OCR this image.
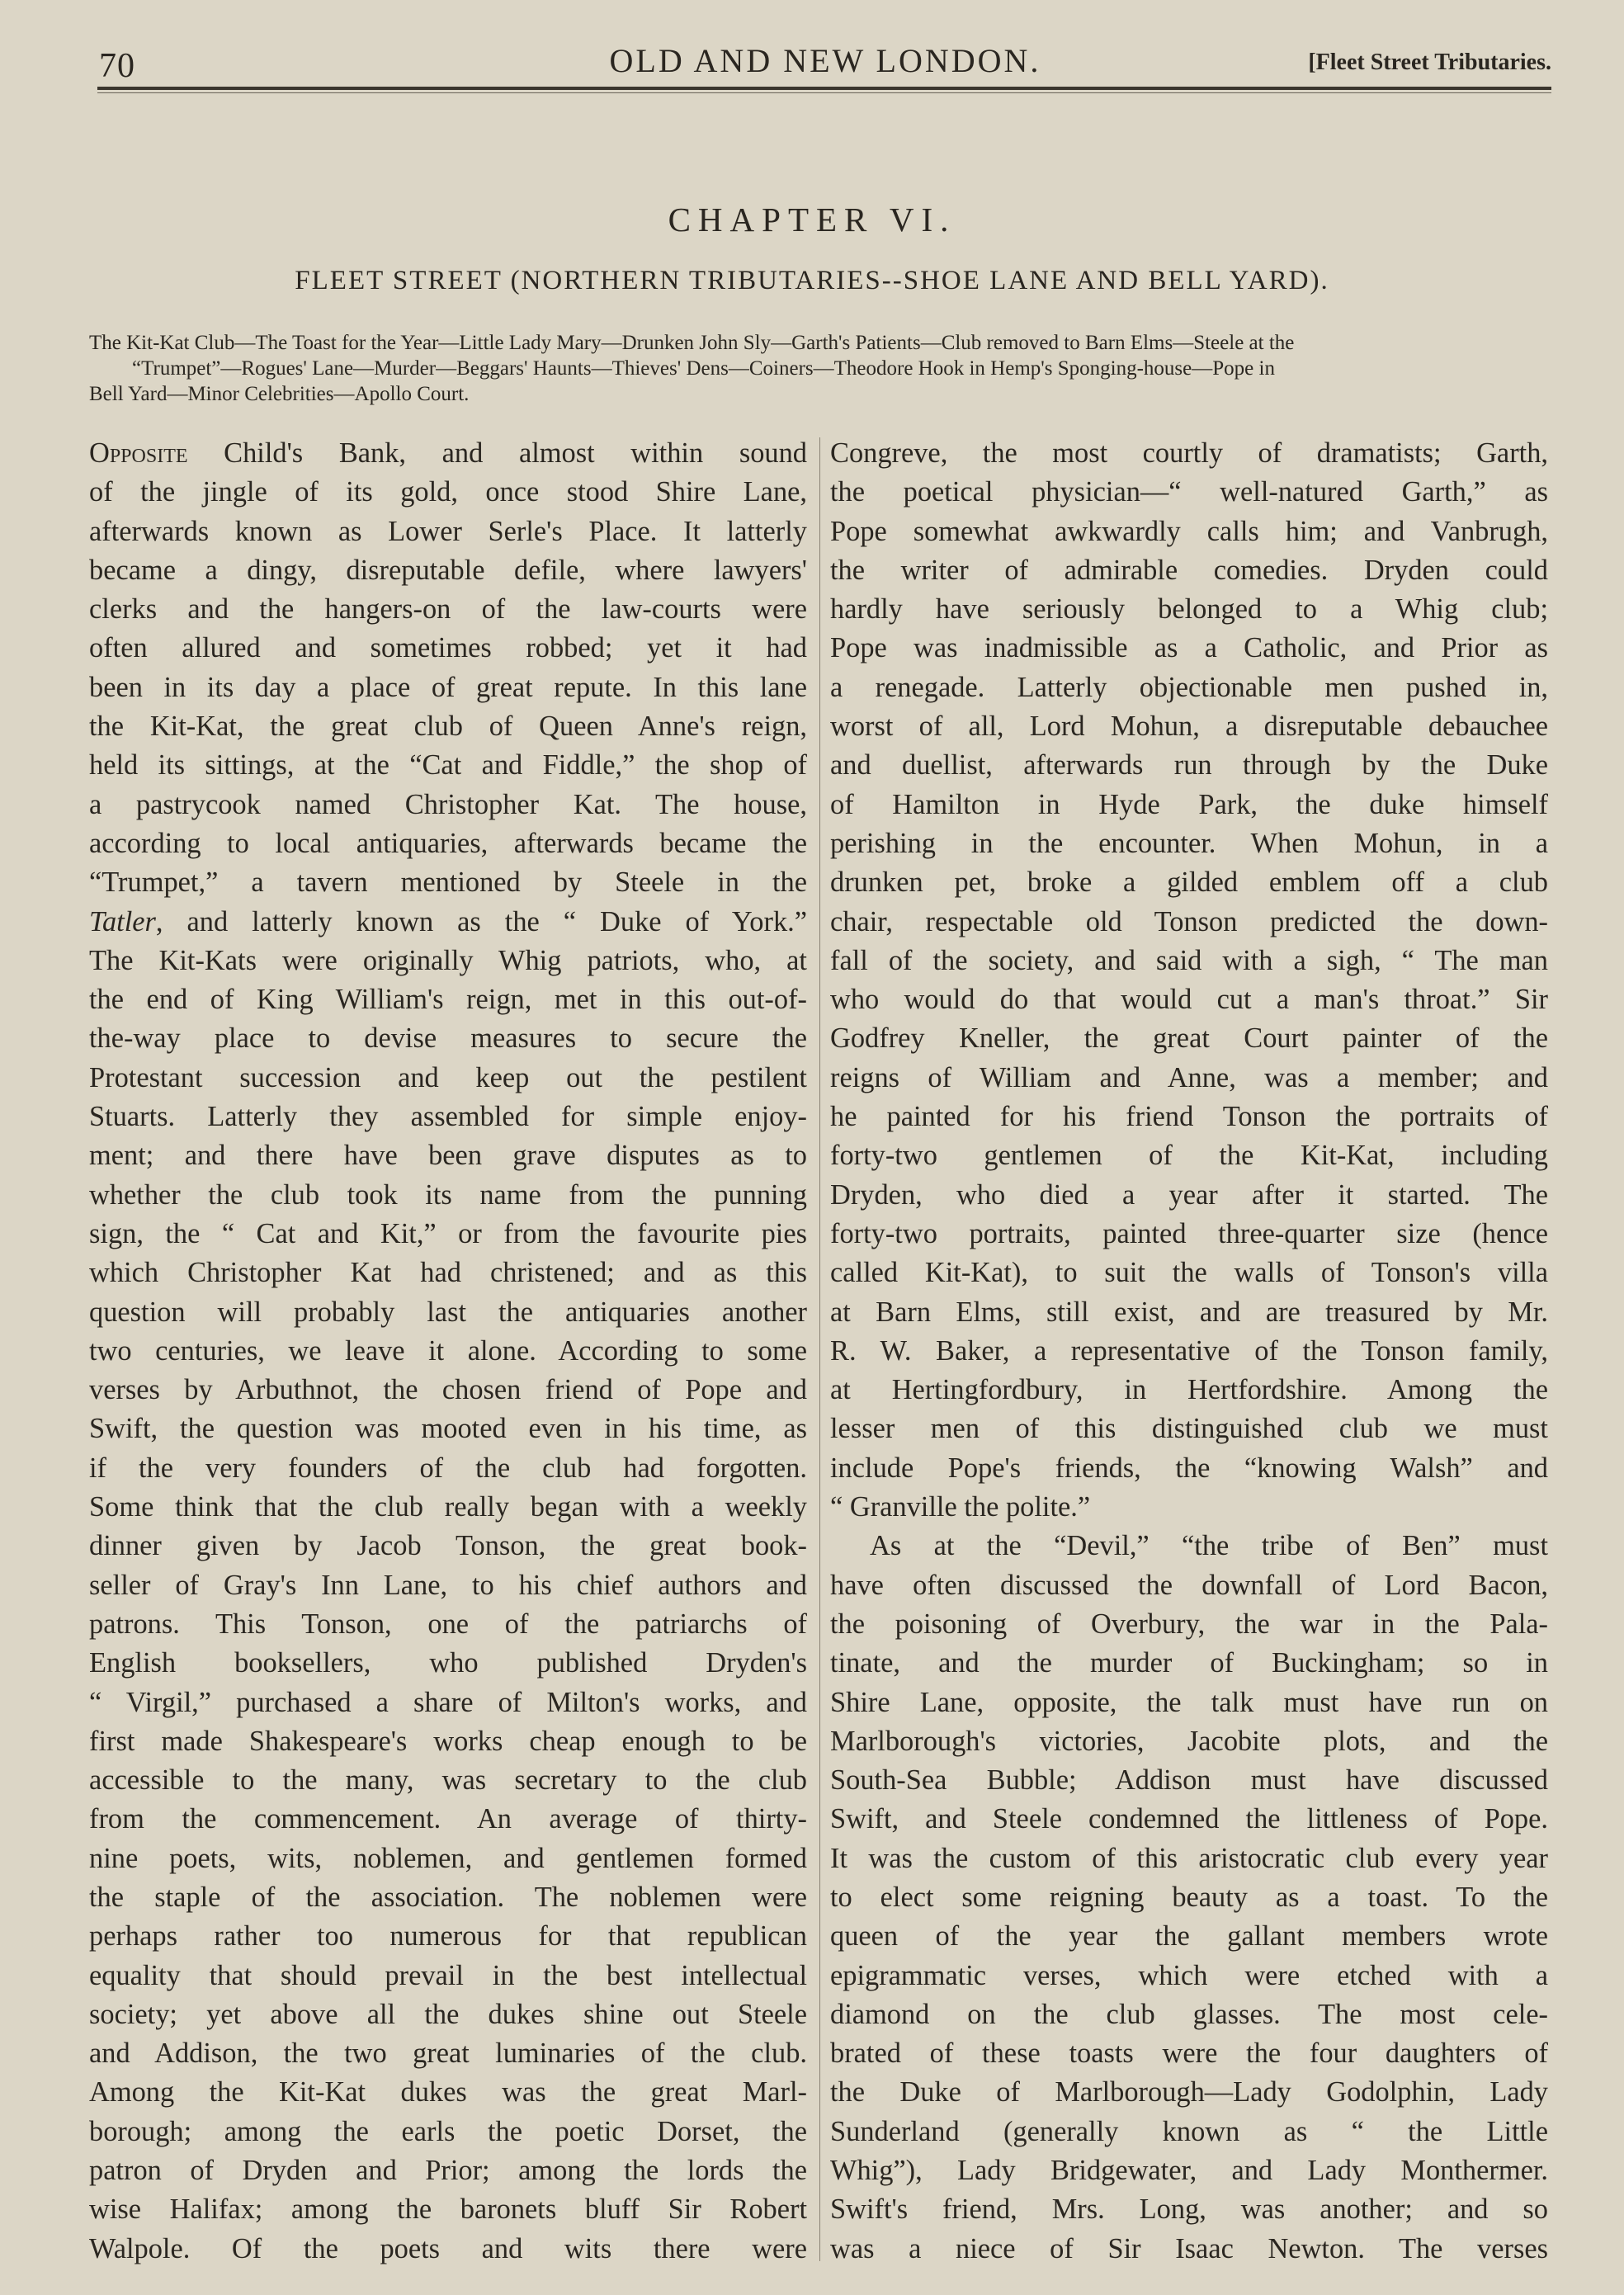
70	OLD AND NEW LONDON.	[Fleet Street Tributaries.
CHAPTER VI.
FLEET STREET (NORTHERN TRIBUTARIES--SHOE LANE AND BELL YARD).
The Kit-Kat Club—The Toast for the Year—Little Lady Mary—Drunken John Sly—Garth's Patients—Club removed to Barn Elms—Steele at the
“Trumpet”—Rogues' Lane—Murder—Beggars' Haunts—Thieves' Dens—Coiners—Theodore Hook in Hemp's Sponging-house—Pope in
Bell Yard—Minor Celebrities—Apollo Court.
Opposite Child's Bank, and almost within sound
of the jingle of its gold, once stood Shire Lane,
afterwards known as Lower Serle's Place. It latterly
became a dingy, disreputable defile, where lawyers'
clerks and the hangers-on of the law-courts were
often allured and sometimes robbed; yet it had
been in its day a place of great repute. In this lane
the Kit-Kat, the great club of Queen Anne's reign,
held its sittings, at the “Cat and Fiddle,” the shop of
a pastrycook named Christopher Kat. The house,
according to local antiquaries, afterwards became the
“Trumpet,” a tavern mentioned by Steele in the
Tatler, and latterly known as the “ Duke of York.”
The Kit-Kats were originally Whig patriots, who, at
the end of King William's reign, met in this out-of-
the-way place to devise measures to secure the
Protestant succession and keep out the pestilent
Stuarts. Latterly they assembled for simple enjoy-
ment; and there have been grave disputes as to
whether the club took its name from the punning
sign, the “ Cat and Kit,” or from the favourite pies
which Christopher Kat had christened; and as this
question will probably last the antiquaries another
two centuries, we leave it alone. According to some
verses by Arbuthnot, the chosen friend of Pope and
Swift, the question was mooted even in his time, as
if the very founders of the club had forgotten.
Some think that the club really began with a weekly
dinner given by Jacob Tonson, the great book-
seller of Gray's Inn Lane, to his chief authors and
patrons. This Tonson, one of the patriarchs of
English booksellers, who published Dryden's
“ Virgil,” purchased a share of Milton's works, and
first made Shakespeare's works cheap enough to be
accessible to the many, was secretary to the club
from the commencement. An average of thirty-
nine poets, wits, noblemen, and gentlemen formed
the staple of the association. The noblemen were
perhaps rather too numerous for that republican
equality that should prevail in the best intellectual
society; yet above all the dukes shine out Steele
and Addison, the two great luminaries of the club.
Among the Kit-Kat dukes was the great Marl-
borough; among the earls the poetic Dorset, the
patron of Dryden and Prior; among the lords the
wise Halifax; among the baronets bluff Sir Robert
Walpole. Of the poets and wits there were
Congreve, the most courtly of dramatists; Garth,
the poetical physician—“ well-natured Garth,” as
Pope somewhat awkwardly calls him; and Vanbrugh,
the writer of admirable comedies. Dryden could
hardly have seriously belonged to a Whig club;
Pope was inadmissible as a Catholic, and Prior as
a renegade. Latterly objectionable men pushed in,
worst of all, Lord Mohun, a disreputable debauchee
and duellist, afterwards run through by the Duke
of Hamilton in Hyde Park, the duke himself
perishing in the encounter. When Mohun, in a
drunken pet, broke a gilded emblem off a club
chair, respectable old Tonson predicted the down-
fall of the society, and said with a sigh, “ The man
who would do that would cut a man's throat.” Sir
Godfrey Kneller, the great Court painter of the
reigns of William and Anne, was a member; and
he painted for his friend Tonson the portraits of
forty-two gentlemen of the Kit-Kat, including
Dryden, who died a year after it started. The
forty-two portraits, painted three-quarter size (hence
called Kit-Kat), to suit the walls of Tonson's villa
at Barn Elms, still exist, and are treasured by Mr.
R. W. Baker, a representative of the Tonson family,
at Hertingfordbury, in Hertfordshire. Among the
lesser men of this distinguished club we must
include Pope's friends, the “knowing Walsh” and
“ Granville the polite.”
As at the “Devil,” “the tribe of Ben” must
have often discussed the downfall of Lord Bacon,
the poisoning of Overbury, the war in the Pala-
tinate, and the murder of Buckingham; so in
Shire Lane, opposite, the talk must have run on
Marlborough's victories, Jacobite plots, and the
South-Sea Bubble; Addison must have discussed
Swift, and Steele condemned the littleness of Pope.
It was the custom of this aristocratic club every year
to elect some reigning beauty as a toast. To the
queen of the year the gallant members wrote
epigrammatic verses, which were etched with a
diamond on the club glasses. The most cele-
brated of these toasts were the four daughters of
the Duke of Marlborough—Lady Godolphin, Lady
Sunderland (generally known as “ the Little
Whig”), Lady Bridgewater, and Lady Monthermer.
Swift's friend, Mrs. Long, was another; and so
was a niece of Sir Isaac Newton. The verses
